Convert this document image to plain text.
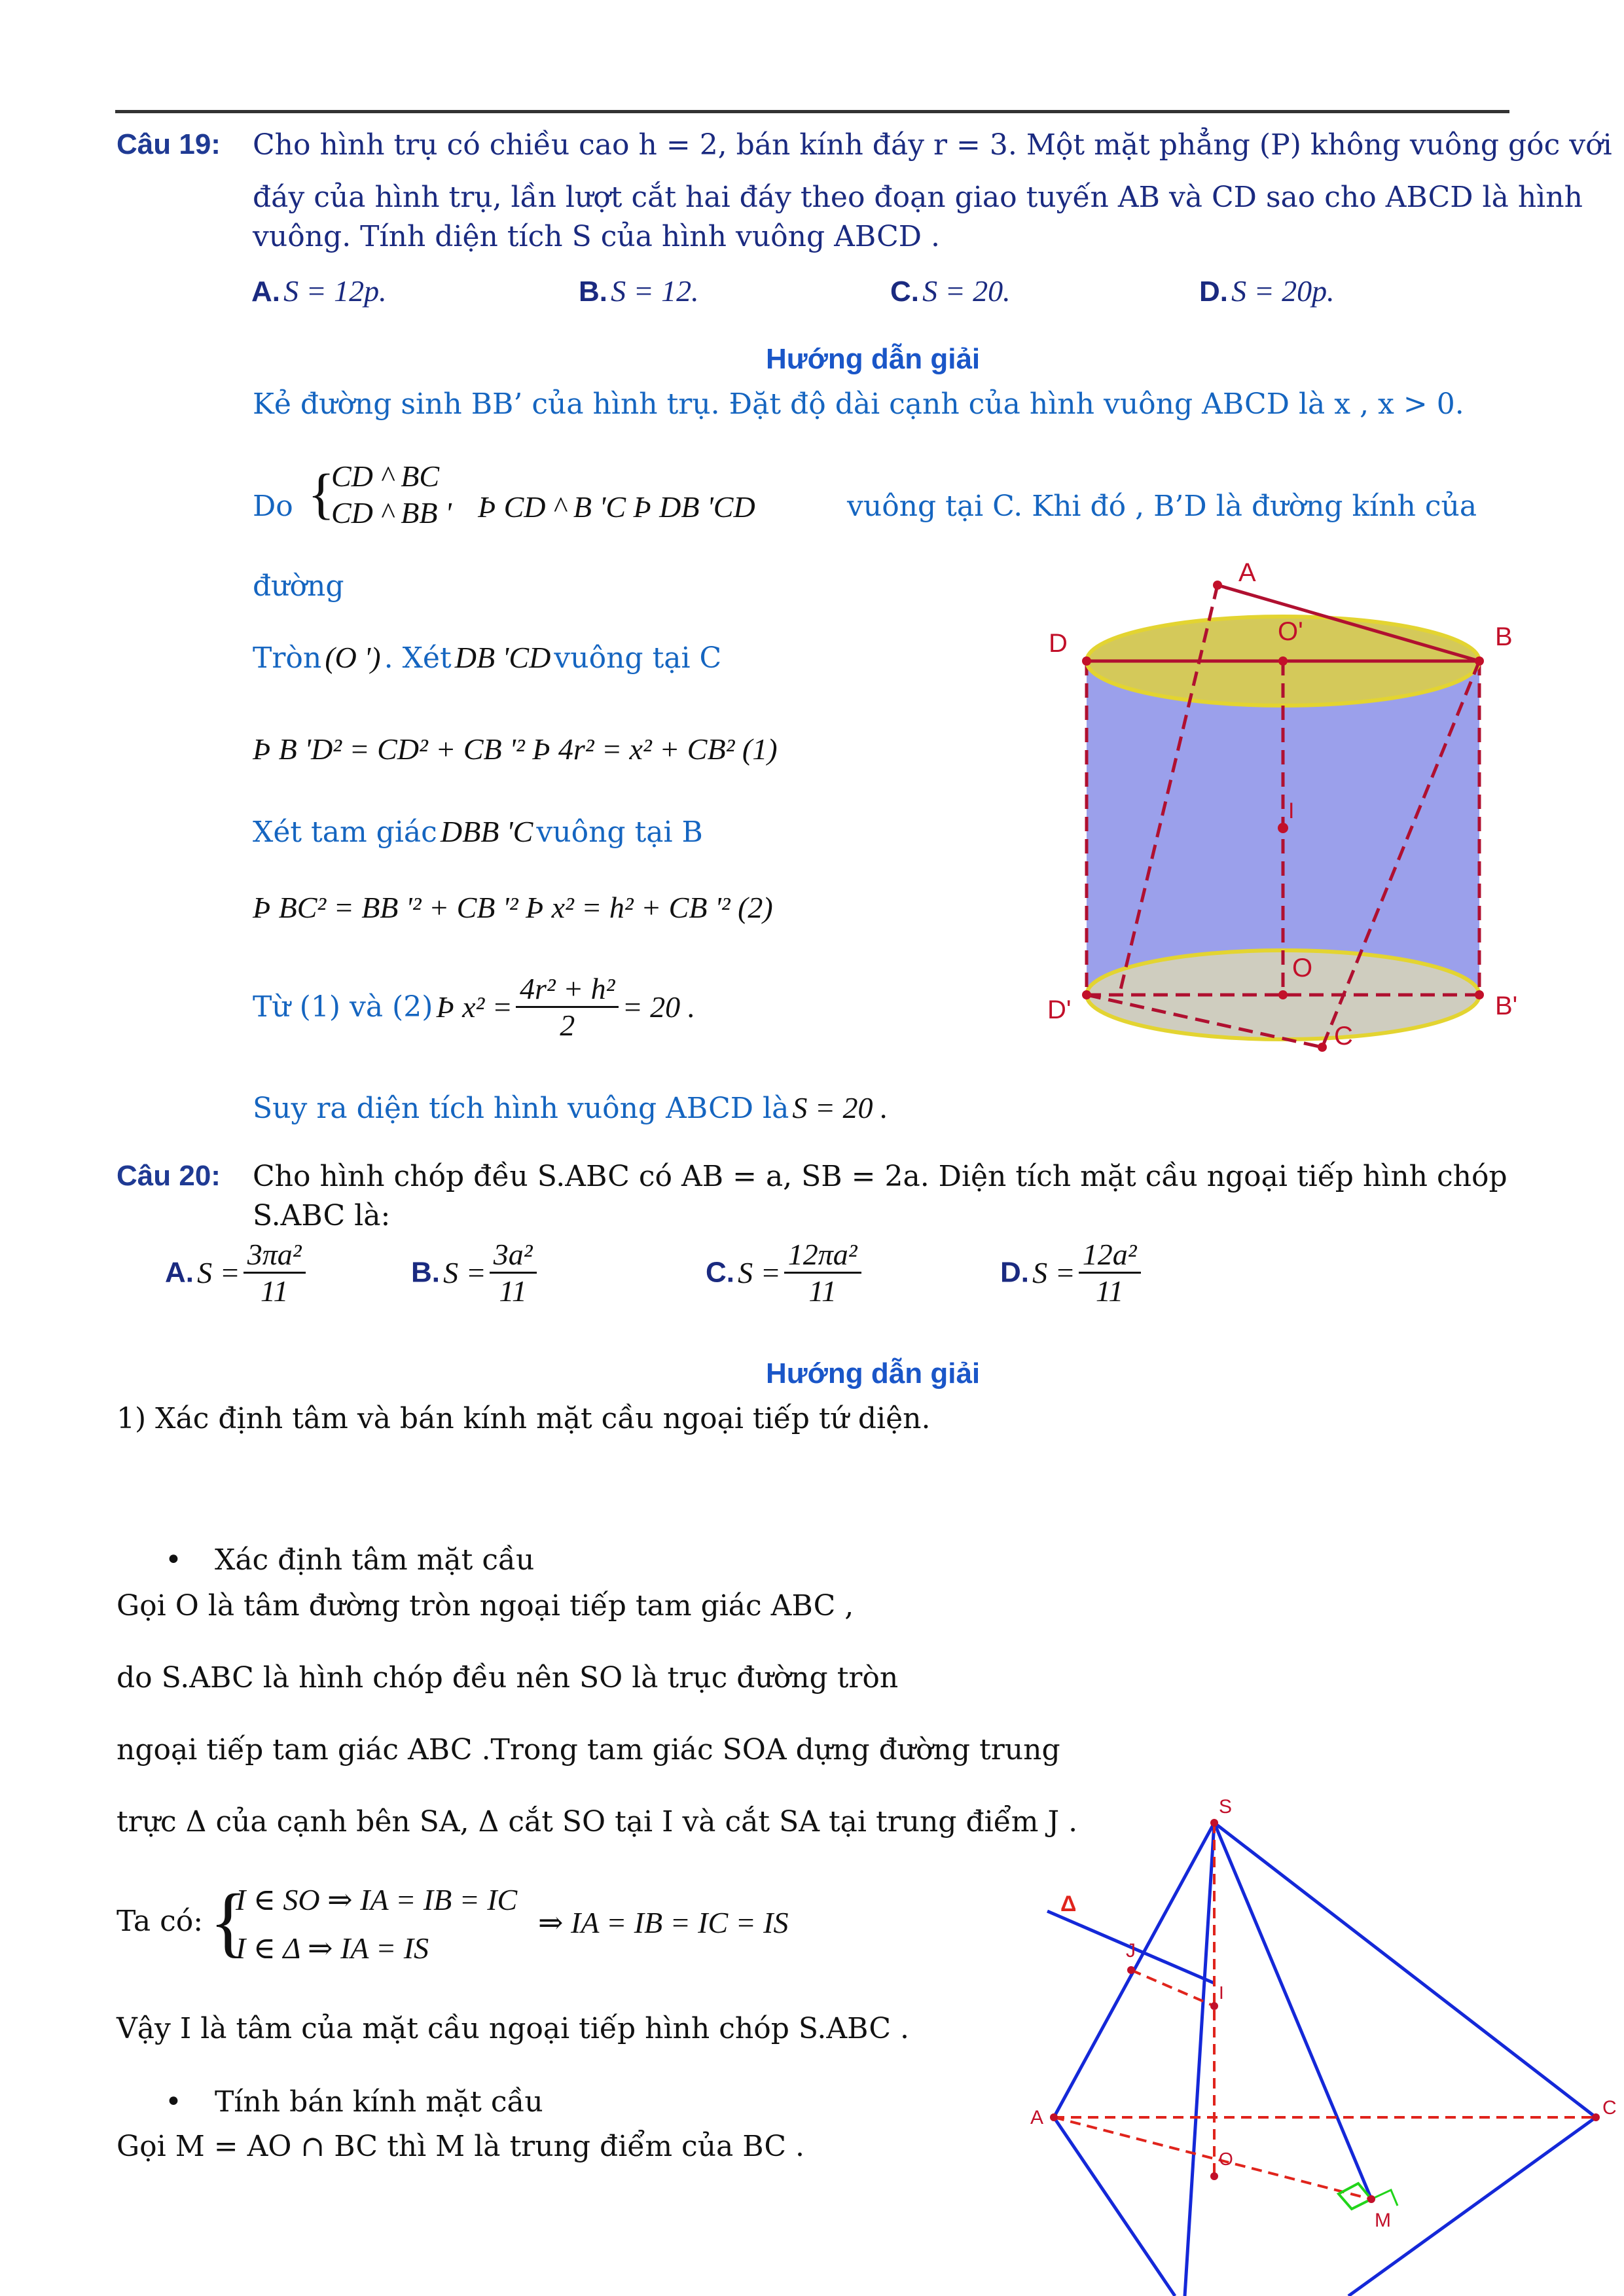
Câu 19: Cho hình trụ có chiều cao h = 2, bán kính đáy r = 3. Một mặt phẳng (P) không vuông góc với
đáy của hình trụ, lần lượt cắt hai đáy theo đoạn giao tuyến AB và CD sao cho ABCD là hình
vuông. Tính diện tích S của hình vuông ABCD .
A. S = 12p.	B. S = 12.	C. S = 20.	D. S = 20p.
Hướng dẫn giải
Kẻ đường sinh BB’ của hình trụ. Đặt độ dài cạnh của hình vuông ABCD là x , x > 0.
Do {
CD ^ BC
CD ^ BB ' Þ CD ^ B 'C Þ DB 'CD	vuông tại C. Khi đó , B’D là đường kính của
đường
Tròn (O ') . Xét DB 'CD vuông tại C
Þ B 'D² = CD² + CB '² Þ 4r² = x² + CB² (1)
Xét tam giác DBB 'C vuông tại B
Þ BC² = BB '² + CB '² Þ x² = h² + CB '² (2)
Từ (1) và (2) Þ $x^2 = \frac{\text{4r² + h²}}{2} = 20$ .
Suy ra diện tích hình vuông ABCD là S = 20 .
A
B
D	O'
I
O
D'	B'
C
Câu 20: Cho hình chóp đều S.ABC có AB = a, SB = 2a. Diện tích mặt cầu ngoại tiếp hình chóp
S.ABC là:
A. $S = \frac{\text{3πa²}}{11}$	B. $S = \frac{\text{3a²}}{11}$	C. $S = \frac{\text{12πa²}}{11}$	D. $S = \frac{\text{12a²}}{11}$
Hướng dẫn giải
1) Xác định tâm và bán kính mặt cầu ngoại tiếp tứ diện.
• Xác định tâm mặt cầu
Gọi O là tâm đường tròn ngoại tiếp tam giác ABC ,
do S.ABC là hình chóp đều nên SO là trục đường tròn
ngoại tiếp tam giác ABC .Trong tam giác SOA dựng đường trung
trực Δ của cạnh bên SA, Δ cắt SO tại I và cắt SA tại trung điểm J .
Ta có: {
I ∈ SO ⇒ IA = IB = IC
I ∈ Δ ⇒ IA = IS
⇒ IA = IB = IC = IS
Vậy I là tâm của mặt cầu ngoại tiếp hình chóp S.ABC .
• Tính bán kính mặt cầu
Gọi M = AO ∩ BC thì M là trung điểm của BC .
S
Δ
J
I
A	C
O
M
